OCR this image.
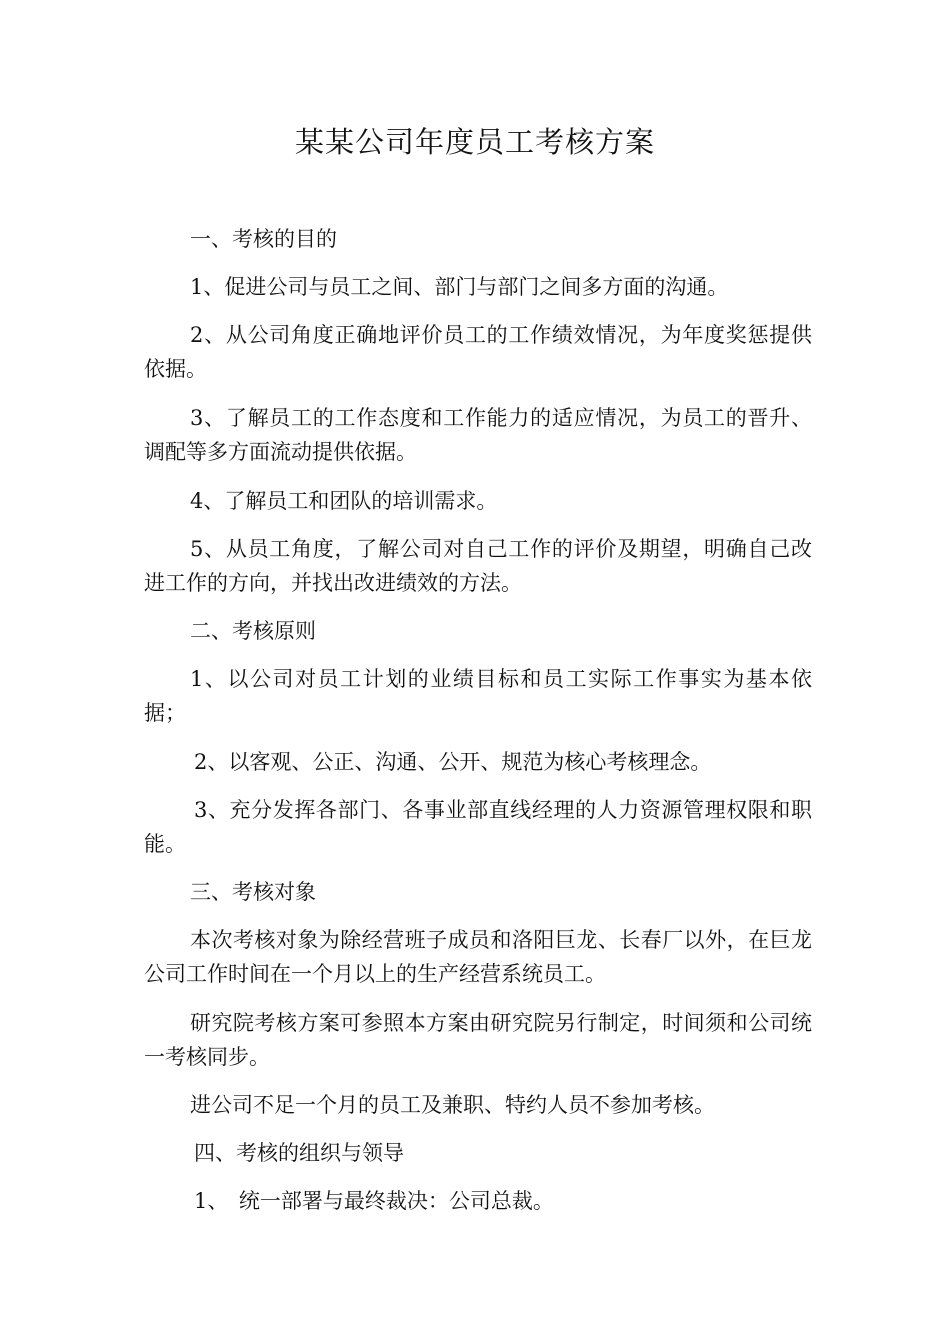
某某公司年度员工考核方案

一、考核的目的

1、促进公司与员工之间、部门与部门之间多方面的沟通。

2、从公司角度正确地评价员工的工作绩效情况，为年度奖惩提供依据。

3、了解员工的工作态度和工作能力的适应情况，为员工的晋升、调配等多方面流动提供依据。

4、了解员工和团队的培训需求。

5、从员工角度，了解公司对自己工作的评价及期望，明确自己改进工作的方向，并找出改进绩效的方法。

二、考核原则

1、以公司对员工计划的业绩目标和员工实际工作事实为基本依据；

2、以客观、公正、沟通、公开、规范为核心考核理念。

3、充分发挥各部门、各事业部直线经理的人力资源管理权限和职能。

三、考核对象

本次考核对象为除经营班子成员和洛阳巨龙、长春厂以外，在巨龙公司工作时间在一个月以上的生产经营系统员工。

研究院考核方案可参照本方案由研究院另行制定，时间须和公司统一考核同步。

进公司不足一个月的员工及兼职、特约人员不参加考核。

四、考核的组织与领导

1、　统一部署与最终裁决：公司总裁。
